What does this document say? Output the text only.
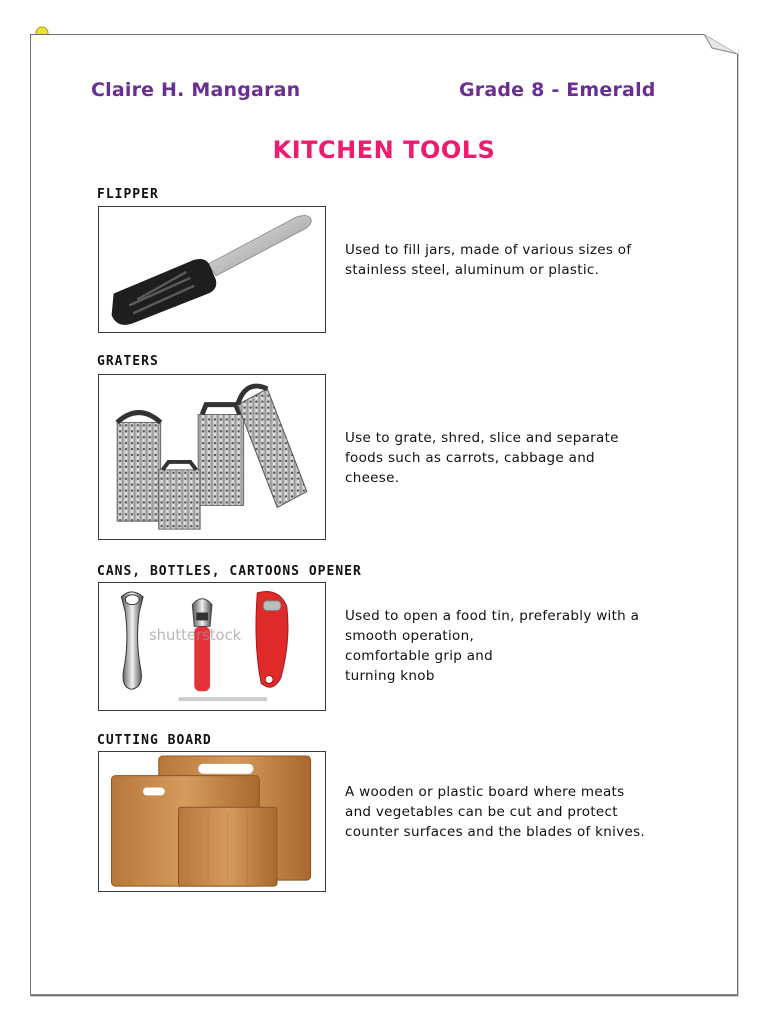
Claire H. Mangaran	Grade 8 - Emerald
KITCHEN TOOLS
FLIPPER
Used to fill jars, made of various sizes of
stainless steel, aluminum or plastic.
GRATERS
Use to grate, shred, slice and separate
foods such as carrots, cabbage and
cheese.
CANS, BOTTLES, CARTOONS OPENER
shutterstock
Used to open a food tin, preferably with a
smooth operation,
comfortable grip and
turning knob
CUTTING BOARD
A wooden or plastic board where meats
and vegetables can be cut and protect
counter surfaces and the blades of knives.
